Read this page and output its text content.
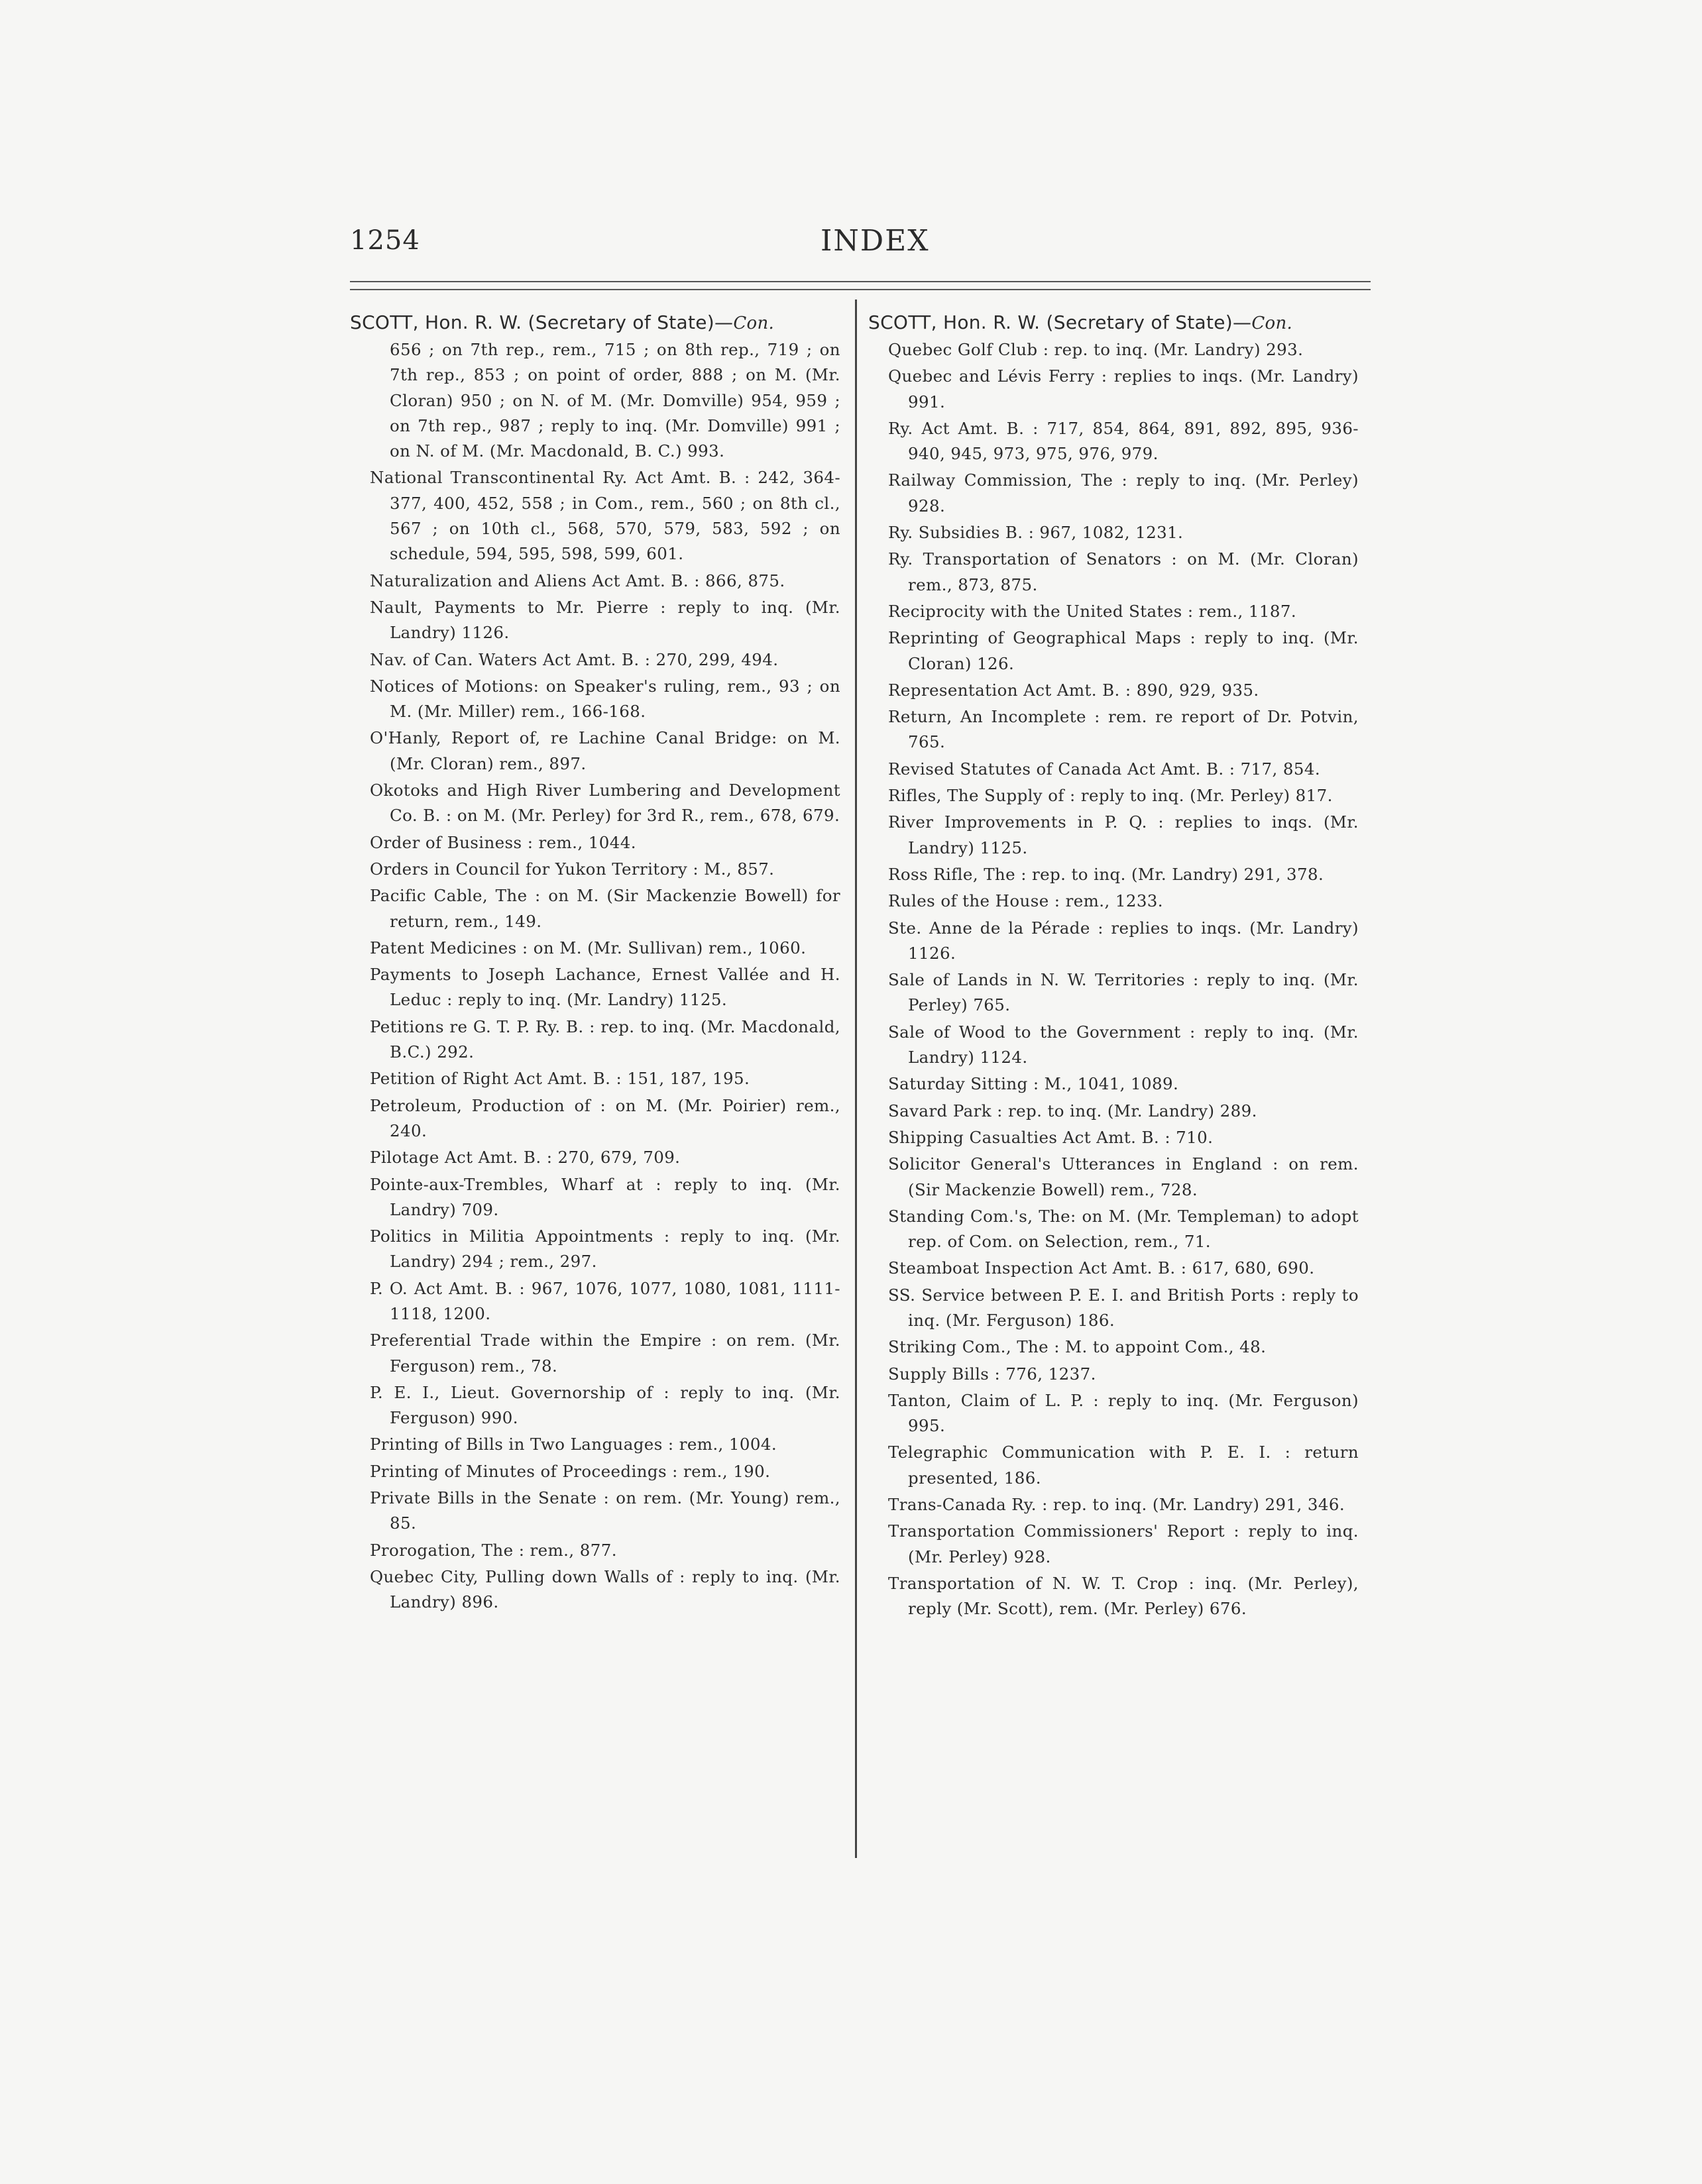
1254	INDEX
SCOTT, Hon. R. W. (Secretary of State)—Con.
656 ; on 7th rep., rem., 715 ; on 8th rep., 719 ; on 7th rep., 853 ; on point of order, 888 ; on M. (Mr. Cloran) 950 ; on N. of M. (Mr. Domville) 954, 959 ; on 7th rep., 987 ; reply to inq. (Mr. Domville) 991 ; on N. of M. (Mr. Macdonald, B. C.) 993.
National Transcontinental Ry. Act Amt. B. : 242, 364-377, 400, 452, 558 ; in Com., rem., 560 ; on 8th cl., 567 ; on 10th cl., 568, 570, 579, 583, 592 ; on schedule, 594, 595, 598, 599, 601.
Naturalization and Aliens Act Amt. B. : 866, 875.
Nault, Payments to Mr. Pierre : reply to inq. (Mr. Landry) 1126.
Nav. of Can. Waters Act Amt. B. : 270, 299, 494.
Notices of Motions: on Speaker's ruling, rem., 93 ; on M. (Mr. Miller) rem., 166-168.
O'Hanly, Report of, re Lachine Canal Bridge: on M. (Mr. Cloran) rem., 897.
Okotoks and High River Lumbering and Development Co. B. : on M. (Mr. Perley) for 3rd R., rem., 678, 679.
Order of Business : rem., 1044.
Orders in Council for Yukon Territory : M., 857.
Pacific Cable, The : on M. (Sir Mackenzie Bowell) for return, rem., 149.
Patent Medicines : on M. (Mr. Sullivan) rem., 1060.
Payments to Joseph Lachance, Ernest Vallée and H. Leduc : reply to inq. (Mr. Landry) 1125.
Petitions re G. T. P. Ry. B. : rep. to inq. (Mr. Macdonald, B.C.) 292.
Petition of Right Act Amt. B. : 151, 187, 195.
Petroleum, Production of : on M. (Mr. Poirier) rem., 240.
Pilotage Act Amt. B. : 270, 679, 709.
Pointe-aux-Trembles, Wharf at : reply to inq. (Mr. Landry) 709.
Politics in Militia Appointments : reply to inq. (Mr. Landry) 294 ; rem., 297.
P. O. Act Amt. B. : 967, 1076, 1077, 1080, 1081, 1111-1118, 1200.
Preferential Trade within the Empire : on rem. (Mr. Ferguson) rem., 78.
P. E. I., Lieut. Governorship of : reply to inq. (Mr. Ferguson) 990.
Printing of Bills in Two Languages : rem., 1004.
Printing of Minutes of Proceedings : rem., 190.
Private Bills in the Senate : on rem. (Mr. Young) rem., 85.
Prorogation, The : rem., 877.
Quebec City, Pulling down Walls of : reply to inq. (Mr. Landry) 896.
SCOTT, Hon. R. W. (Secretary of State)—Con.
Quebec Golf Club : rep. to inq. (Mr. Landry) 293.
Quebec and Lévis Ferry : replies to inqs. (Mr. Landry) 991.
Ry. Act Amt. B. : 717, 854, 864, 891, 892, 895, 936-940, 945, 973, 975, 976, 979.
Railway Commission, The : reply to inq. (Mr. Perley) 928.
Ry. Subsidies B. : 967, 1082, 1231.
Ry. Transportation of Senators : on M. (Mr. Cloran) rem., 873, 875.
Reciprocity with the United States : rem., 1187.
Reprinting of Geographical Maps : reply to inq. (Mr. Cloran) 126.
Representation Act Amt. B. : 890, 929, 935.
Return, An Incomplete : rem. re report of Dr. Potvin, 765.
Revised Statutes of Canada Act Amt. B. : 717, 854.
Rifles, The Supply of : reply to inq. (Mr. Perley) 817.
River Improvements in P. Q. : replies to inqs. (Mr. Landry) 1125.
Ross Rifle, The : rep. to inq. (Mr. Landry) 291, 378.
Rules of the House : rem., 1233.
Ste. Anne de la Pérade : replies to inqs. (Mr. Landry) 1126.
Sale of Lands in N. W. Territories : reply to inq. (Mr. Perley) 765.
Sale of Wood to the Government : reply to inq. (Mr. Landry) 1124.
Saturday Sitting : M., 1041, 1089.
Savard Park : rep. to inq. (Mr. Landry) 289.
Shipping Casualties Act Amt. B. : 710.
Solicitor General's Utterances in England : on rem. (Sir Mackenzie Bowell) rem., 728.
Standing Com.'s, The: on M. (Mr. Templeman) to adopt rep. of Com. on Selection, rem., 71.
Steamboat Inspection Act Amt. B. : 617, 680, 690.
SS. Service between P. E. I. and British Ports : reply to inq. (Mr. Ferguson) 186.
Striking Com., The : M. to appoint Com., 48.
Supply Bills : 776, 1237.
Tanton, Claim of L. P. : reply to inq. (Mr. Ferguson) 995.
Telegraphic Communication with P. E. I. : return presented, 186.
Trans-Canada Ry. : rep. to inq. (Mr. Landry) 291, 346.
Transportation Commissioners' Report : reply to inq. (Mr. Perley) 928.
Transportation of N. W. T. Crop : inq. (Mr. Perley), reply (Mr. Scott), rem. (Mr. Perley) 676.
